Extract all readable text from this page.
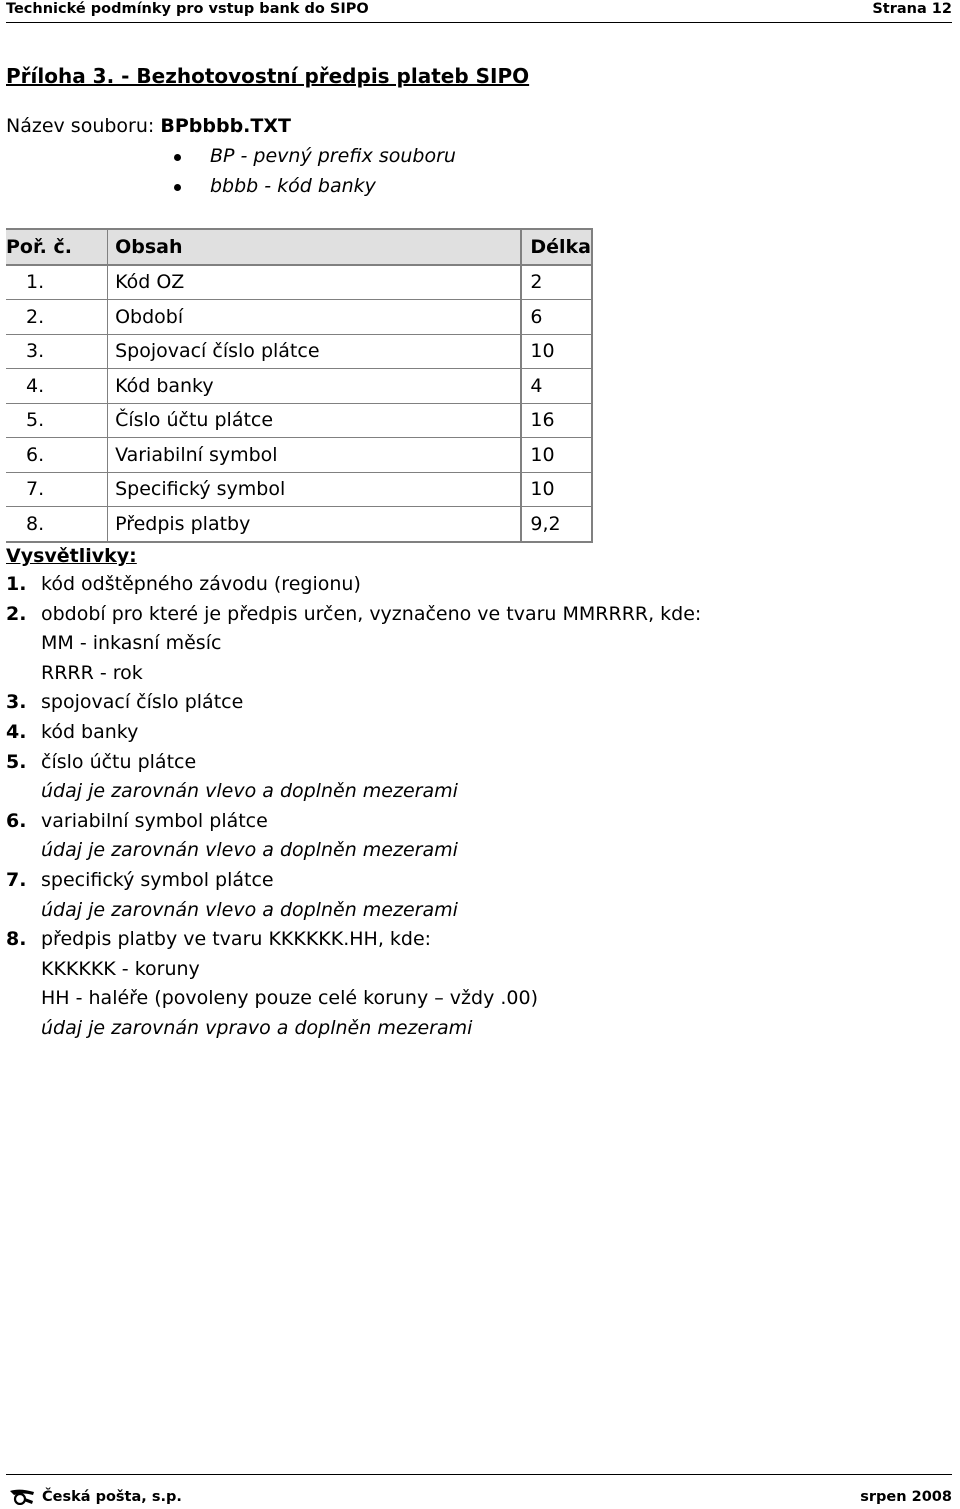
Technické podmínky pro vstup bank do SIPO	Strana 12
Příloha 3. - Bezhotovostní předpis plateb SIPO
Název souboru: BPbbbb.TXT
BP - pevný prefix souboru
bbbb - kód banky
Poř. č.	Obsah	Délka
1.	Kód OZ	2
2.	Období	6
3.	Spojovací číslo plátce	10
4.	Kód banky	4
5.	Číslo účtu plátce	16
6.	Variabilní symbol	10
7.	Specifický symbol	10
8.	Předpis platby	9,2
Vysvětlivky:
1. kód odštěpného závodu (regionu)
2. období pro které je předpis určen, vyznačeno ve tvaru MMRRRR, kde:
MM - inkasní měsíc
RRRR - rok
3. spojovací číslo plátce
4. kód banky
5. číslo účtu plátce
údaj je zarovnán vlevo a doplněn mezerami
6. variabilní symbol plátce
údaj je zarovnán vlevo a doplněn mezerami
7. specifický symbol plátce
údaj je zarovnán vlevo a doplněn mezerami
8. předpis platby ve tvaru KKKKKK.HH, kde:
KKKKKK - koruny
HH - haléře (povoleny pouze celé koruny – vždy .00)
údaj je zarovnán vpravo a doplněn mezerami
Česká pošta, s.p.	srpen 2008
